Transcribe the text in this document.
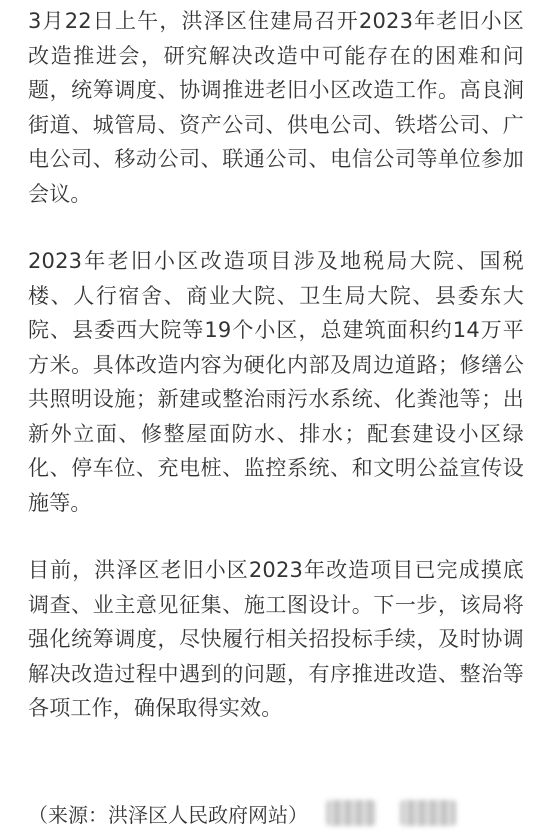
3月22日上午，洪泽区住建局召开2023年老旧小区改造推进会，研究解决改造中可能存在的困难和问题，统筹调度、协调推进老旧小区改造工作。高良涧街道、城管局、资产公司、供电公司、铁塔公司、广电公司、移动公司、联通公司、电信公司等单位参加会议。

2023年老旧小区改造项目涉及地税局大院、国税楼、人行宿舍、商业大院、卫生局大院、县委东大院、县委西大院等19个小区，总建筑面积约14万平方米。具体改造内容为硬化内部及周边道路；修缮公共照明设施；新建或整治雨污水系统、化粪池等；出新外立面、修整屋面防水、排水；配套建设小区绿化、停车位、充电桩、监控系统、和文明公益宣传设施等。

目前，洪泽区老旧小区2023年改造项目已完成摸底调查、业主意见征集、施工图设计。下一步，该局将强化统筹调度，尽快履行相关招投标手续，及时协调解决改造过程中遇到的问题，有序推进改造、整治等各项工作，确保取得实效。

（来源：洪泽区人民政府网站）
